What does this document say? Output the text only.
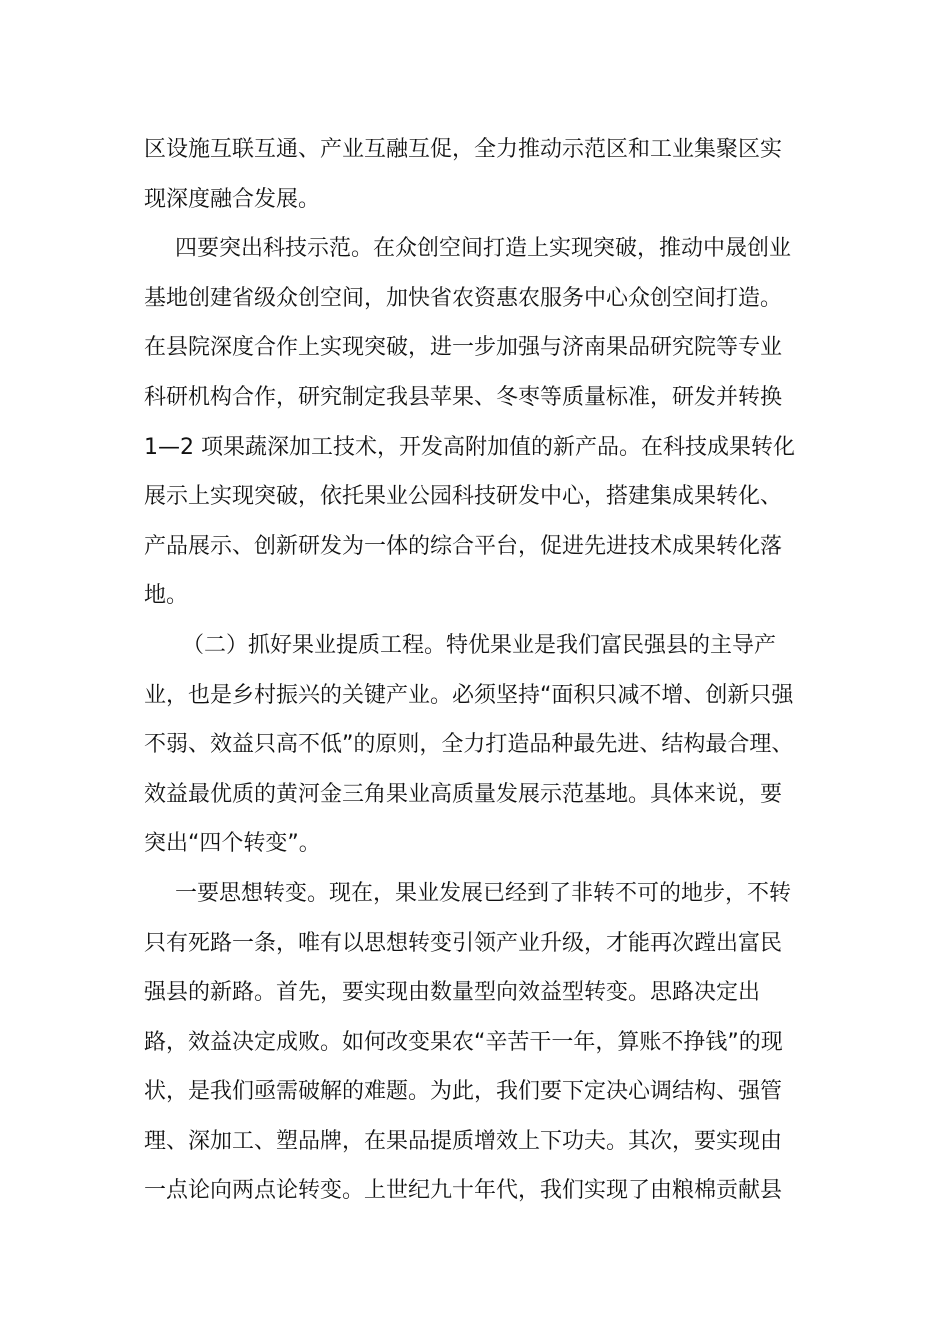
区设施互联互通、产业互融互促，全力推动示范区和工业集聚区实
现深度融合发展。
四要突出科技示范。在众创空间打造上实现突破，推动中晟创业
基地创建省级众创空间，加快省农资惠农服务中心众创空间打造。
在县院深度合作上实现突破，进一步加强与济南果品研究院等专业
科研机构合作，研究制定我县苹果、冬枣等质量标准，研发并转换
1—2 项果蔬深加工技术，开发高附加值的新产品。在科技成果转化
展示上实现突破，依托果业公园科技研发中心，搭建集成果转化、
产品展示、创新研发为一体的综合平台，促进先进技术成果转化落
地。
（二）抓好果业提质工程。特优果业是我们富民强县的主导产
业，也是乡村振兴的关键产业。必须坚持“面积只减不增、创新只强
不弱、效益只高不低”的原则，全力打造品种最先进、结构最合理、
效益最优质的黄河金三角果业高质量发展示范基地。具体来说，要
突出“四个转变”。
一要思想转变。现在，果业发展已经到了非转不可的地步，不转
只有死路一条，唯有以思想转变引领产业升级，才能再次蹚出富民
强县的新路。首先，要实现由数量型向效益型转变。思路决定出
路，效益决定成败。如何改变果农“辛苦干一年，算账不挣钱”的现
状，是我们亟需破解的难题。为此，我们要下定决心调结构、强管
理、深加工、塑品牌，在果品提质增效上下功夫。其次，要实现由
一点论向两点论转变。上世纪九十年代，我们实现了由粮棉贡献县
